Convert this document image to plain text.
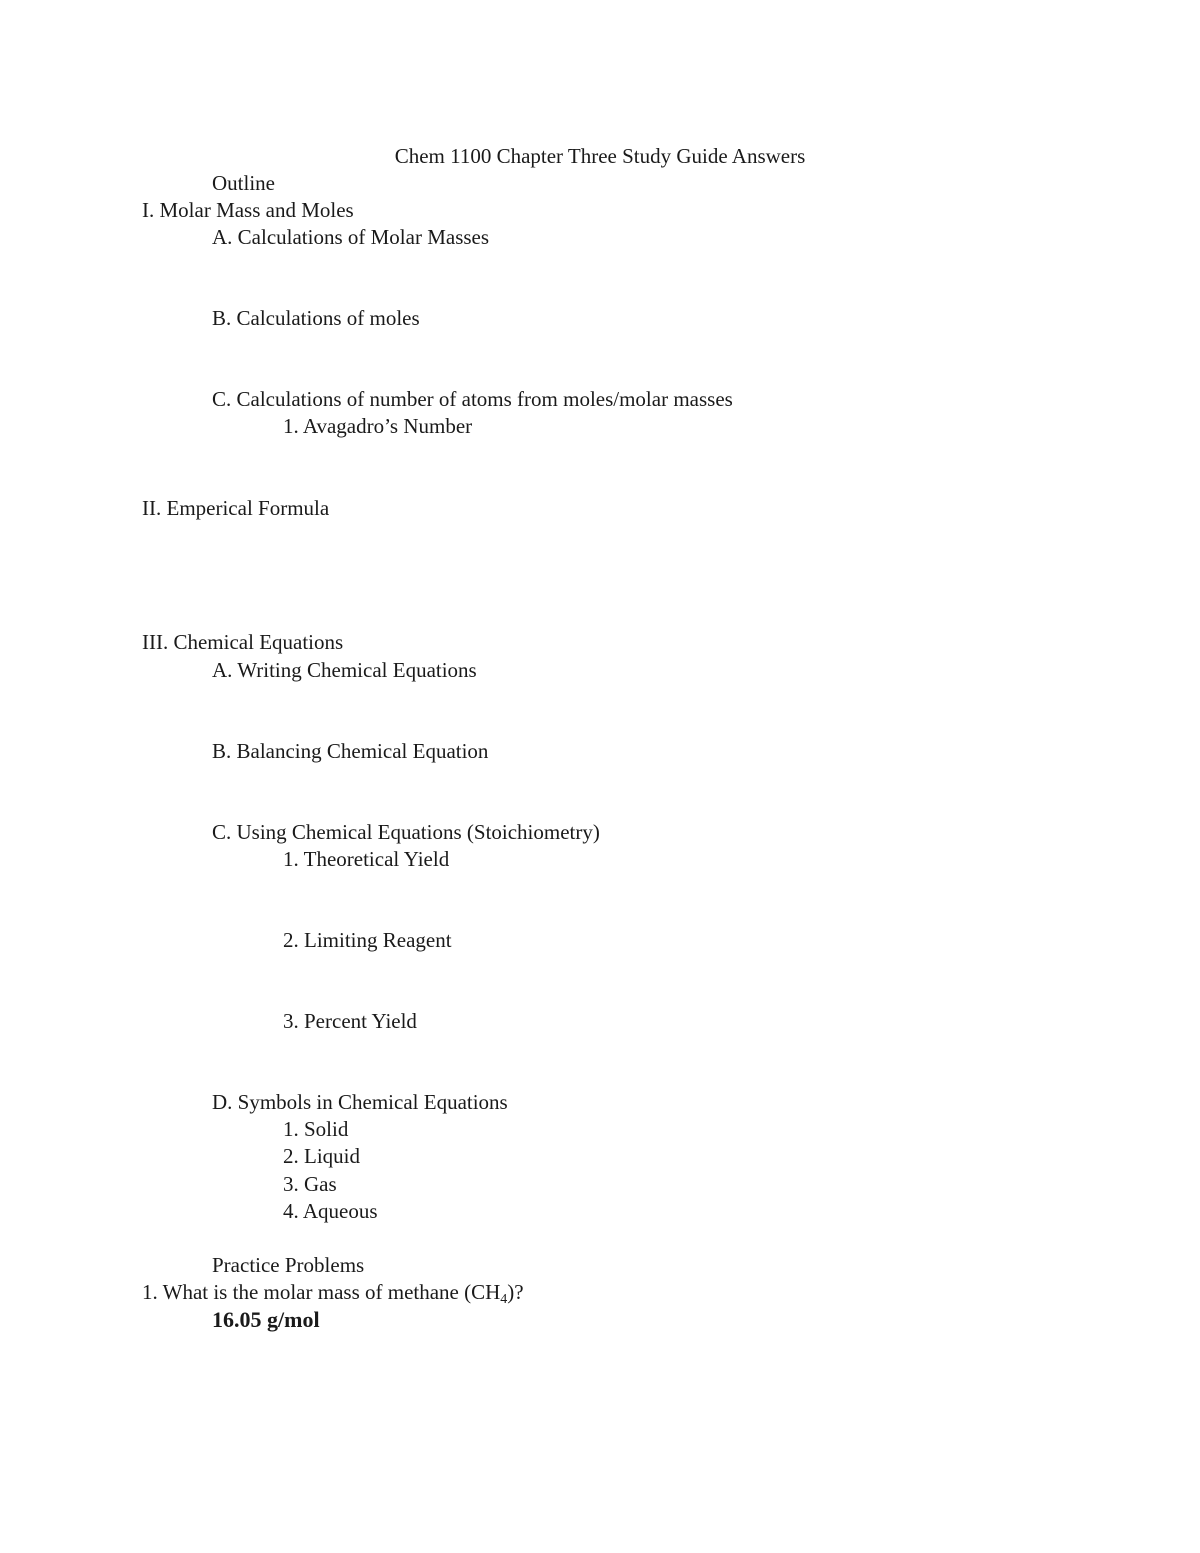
Chem 1100 Chapter Three Study Guide Answers
Outline
I. Molar Mass and Moles
A. Calculations of Molar Masses
B. Calculations of moles
C. Calculations of number of atoms from moles/molar masses
1. Avagadro’s Number
II. Emperical Formula
III. Chemical Equations
A. Writing Chemical Equations
B. Balancing Chemical Equation
C. Using Chemical Equations (Stoichiometry)
1. Theoretical Yield
2. Limiting Reagent
3. Percent Yield
D. Symbols in Chemical Equations
1. Solid
2. Liquid
3. Gas
4. Aqueous
Practice Problems
1. What is the molar mass of methane $(CH_4)$?
16.05 g/mol
